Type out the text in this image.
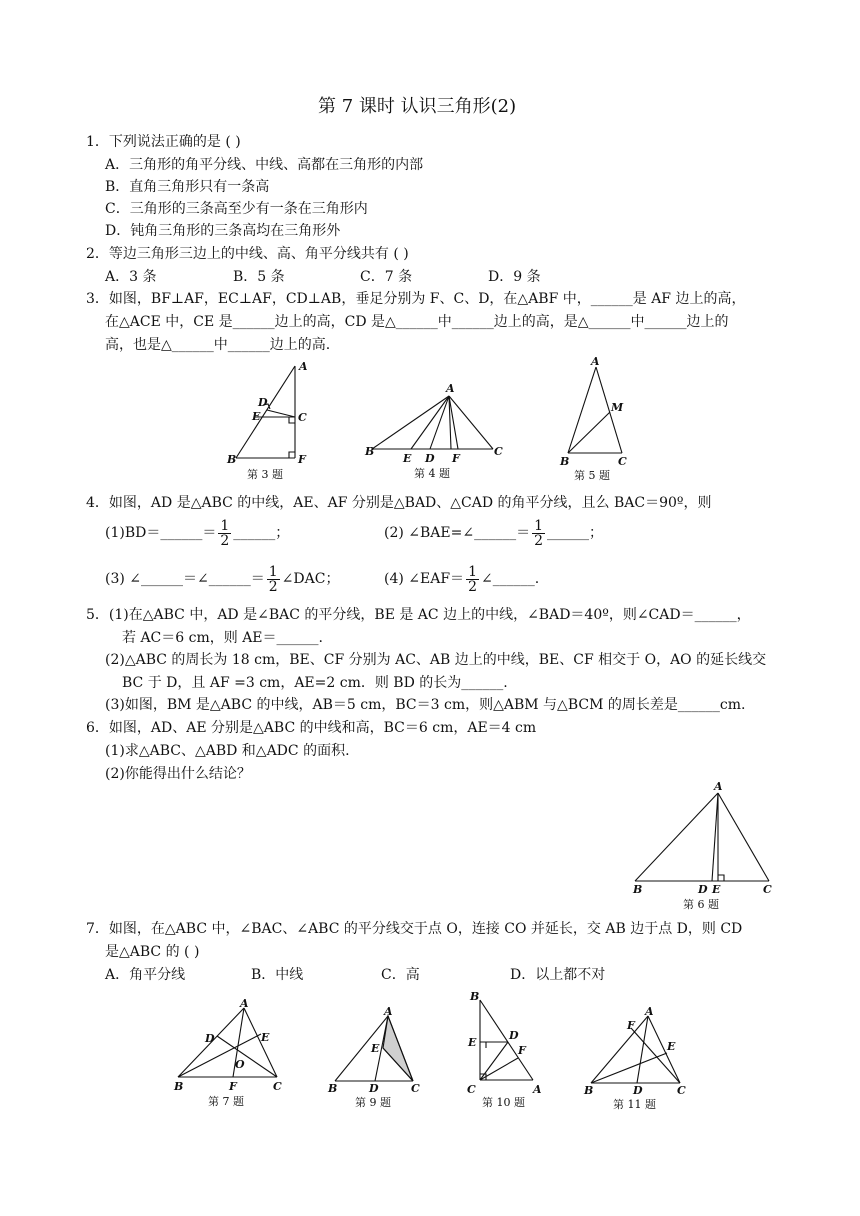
第 7 课时 认识三角形(2)
1．下列说法正确的是 ( )
A．三角形的角平分线、中线、高都在三角形的内部
B．直角三角形只有一条高
C．三角形的三条高至少有一条在三角形内
D．钝角三角形的三条高均在三角形外
2．等边三角形三边上的中线、高、角平分线共有 ( )
A．3 条	B．5 条	C．7 条	D．9 条
3．如图，BF⊥AF，EC⊥AF，CD⊥AB，垂足分别为 F、C、D，在△ABF 中，______是 AF 边上的高，
在△ACE 中，CE 是______边上的高，CD 是△______中______边上的高，是△______中______边上的
高，也是△______中______边上的高.
A
D
E	C
B	F
第 3 题
A
B
E D F
C
第 4 题
A
M
B	C
第 5 题
4．如图，AD 是△ABC 的中线，AE、AF 分别是△BAD、△CAD 的角平分线，且么 BAC＝90º，则
(1)BD＝______＝ $\frac{1}{2}$ ______；	(2) ∠BAE=∠______＝ $\frac{1}{2}$ ______；
(3) ∠______＝∠______＝ $\frac{1}{2}$ ∠DAC；	(4) ∠EAF＝ $\frac{1}{2}$ ∠______.
5．(1)在△ABC 中，AD 是∠BAC 的平分线，BE 是 AC 边上的中线，∠BAD＝40º，则∠CAD＝______，
若 AC＝6 cm，则 AE＝______.
(2)△ABC 的周长为 18 cm，BE、CF 分别为 AC、AB 边上的中线，BE、CF 相交于 O，AO 的延长线交
BC 于 D，且 AF =3 cm，AE=2 cm．则 BD 的长为______.
(3)如图，BM 是△ABC 的中线，AB＝5 cm，BC＝3 cm，则△ABM 与△BCM 的周长差是______cm.
6．如图，AD、AE 分别是△ABC 的中线和高，BC＝6 cm，AE＝4 cm
(1)求△ABC、△ABD 和△ADC 的面积.
(2)你能得出什么结论？
A
B	D E	C
第 6 题
7．如图，在△ABC 中，∠BAC、∠ABC 的平分线交于点 O，连接 CO 并延长，交 AB 边于点 D，则 CD
是△ABC 的 ( )
A．角平分线	B．中线	C．高	D．以上都不对
A
D	E
O
B	F	C
第 7 题
A
E
B	D	C
第 9 题
B
D
E
F
C	A
第 10 题
A
F
E
B	D	C
第 11 题
